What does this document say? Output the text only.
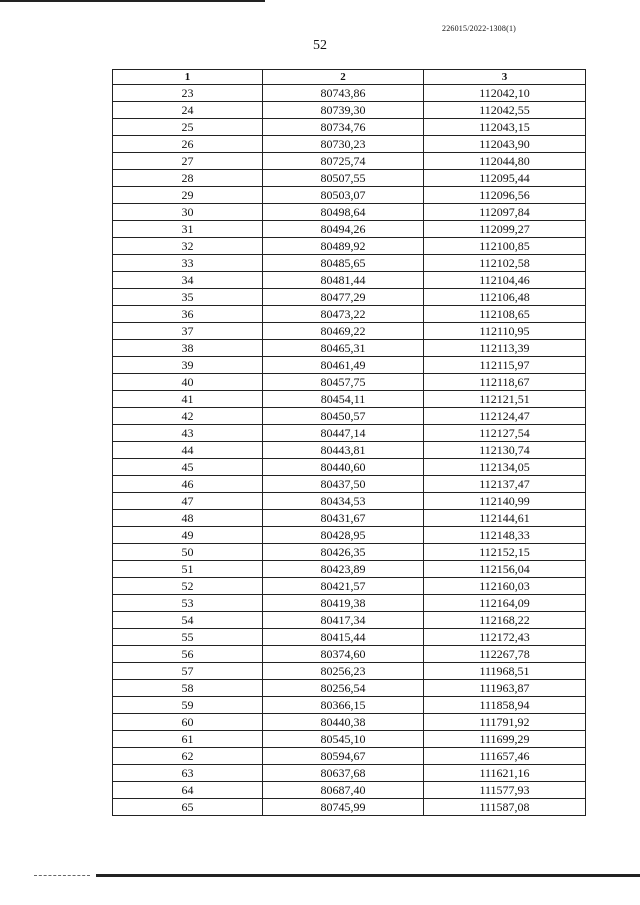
226015/2022-1308(1)
52
1	2	3
23	80743,86	112042,10
24	80739,30	112042,55
25	80734,76	112043,15
26	80730,23	112043,90
27	80725,74	112044,80
28	80507,55	112095,44
29	80503,07	112096,56
30	80498,64	112097,84
31	80494,26	112099,27
32	80489,92	112100,85
33	80485,65	112102,58
34	80481,44	112104,46
35	80477,29	112106,48
36	80473,22	112108,65
37	80469,22	112110,95
38	80465,31	112113,39
39	80461,49	112115,97
40	80457,75	112118,67
41	80454,11	112121,51
42	80450,57	112124,47
43	80447,14	112127,54
44	80443,81	112130,74
45	80440,60	112134,05
46	80437,50	112137,47
47	80434,53	112140,99
48	80431,67	112144,61
49	80428,95	112148,33
50	80426,35	112152,15
51	80423,89	112156,04
52	80421,57	112160,03
53	80419,38	112164,09
54	80417,34	112168,22
55	80415,44	112172,43
56	80374,60	112267,78
57	80256,23	111968,51
58	80256,54	111963,87
59	80366,15	111858,94
60	80440,38	111791,92
61	80545,10	111699,29
62	80594,67	111657,46
63	80637,68	111621,16
64	80687,40	111577,93
65	80745,99	111587,08
